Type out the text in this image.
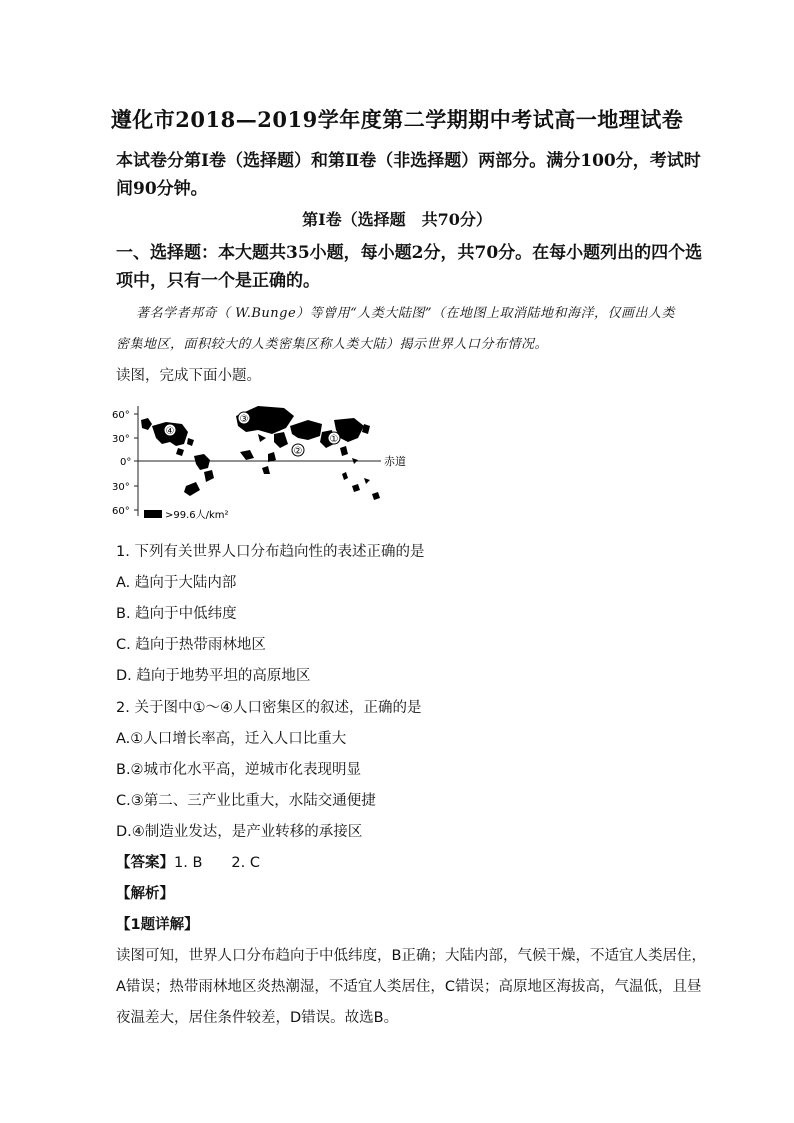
遵化市2018—2019学年度第二学期期中考试高一地理试卷
本试卷分第Ⅰ卷（选择题）和第Ⅱ卷（非选择题）两部分。满分100分，考试时
间90分钟。
第Ⅰ卷（选择题　共70分）
一、选择题：本大题共35小题，每小题2分，共70分。在每小题列出的四个选
项中，只有一个是正确的。
著名学者邦奇（ W.Bunge）等曾用“人类大陆图”（在地图上取消陆地和海洋，仅画出人类
密集地区，面积较大的人类密集区称人类大陆）揭示世界人口分布情况。
读图，完成下面小题。
60°
30°
0°
30°
60°
赤道
④
③
②
①
>99.6人/km²
1. 下列有关世界人口分布趋向性的表述正确的是
A. 趋向于大陆内部
B. 趋向于中低纬度
C. 趋向于热带雨林地区
D. 趋向于地势平坦的高原地区
2. 关于图中①～④人口密集区的叙述，正确的是
A.①人口增长率高，迁入人口比重大
B.②城市化水平高，逆城市化表现明显
C.③第二、三产业比重大，水陆交通便捷
D.④制造业发达，是产业转移的承接区
【答案】1. B　　2. C
【解析】
【1题详解】
读图可知，世界人口分布趋向于中低纬度，B正确；大陆内部，气候干燥，不适宜人类居住，
A错误；热带雨林地区炎热潮湿，不适宜人类居住，C错误；高原地区海拔高，气温低，且昼
夜温差大，居住条件较差，D错误。故选B。
